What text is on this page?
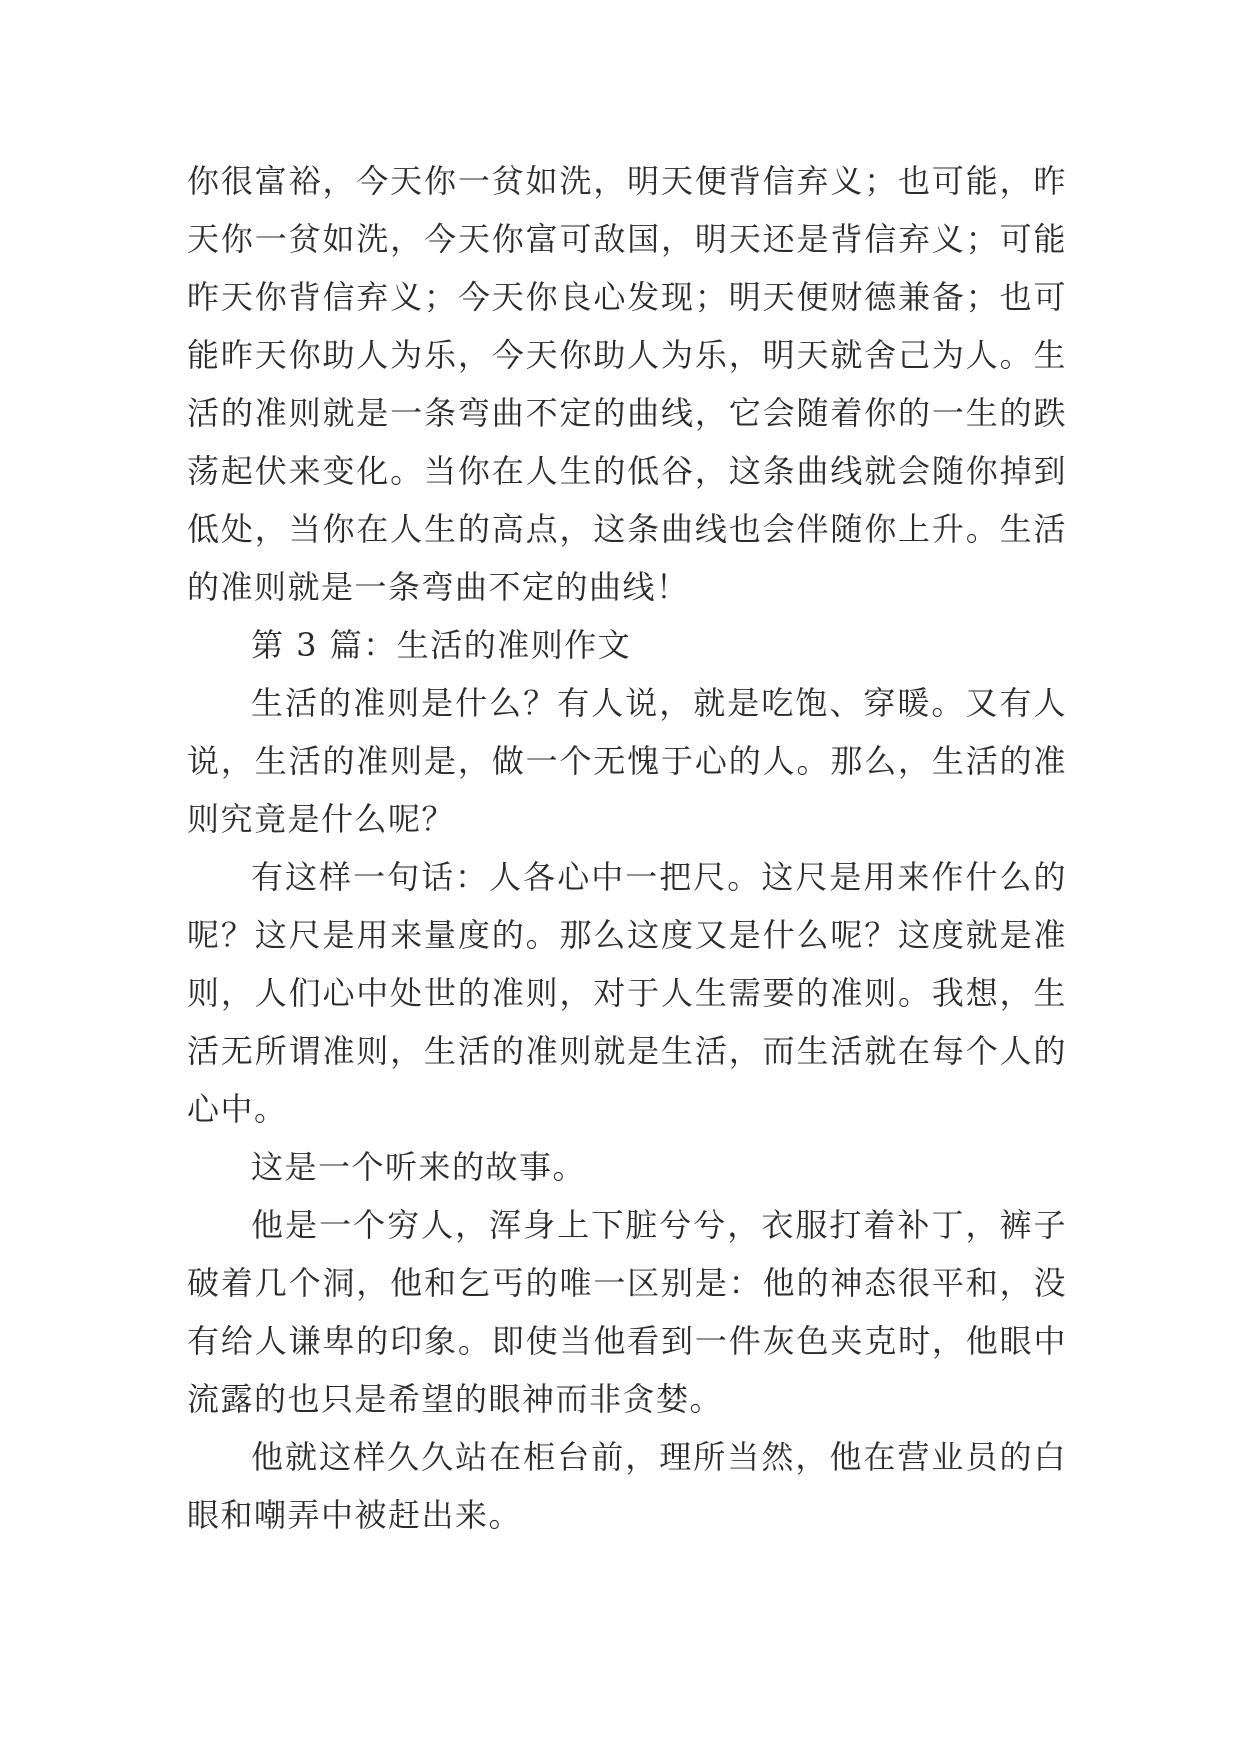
你很富裕，今天你一贫如洗，明天便背信弃义；也可能，昨天你一贫如洗，今天你富可敌国，明天还是背信弃义；可能昨天你背信弃义；今天你良心发现；明天便财德兼备；也可能昨天你助人为乐，今天你助人为乐，明天就舍己为人。生活的准则就是一条弯曲不定的曲线，它会随着你的一生的跌荡起伏来变化。当你在人生的低谷，这条曲线就会随你掉到低处，当你在人生的高点，这条曲线也会伴随你上升。生活的准则就是一条弯曲不定的曲线！

第 3 篇：生活的准则作文

生活的准则是什么？有人说，就是吃饱、穿暖。又有人说，生活的准则是，做一个无愧于心的人。那么，生活的准则究竟是什么呢？

有这样一句话：人各心中一把尺。这尺是用来作什么的呢？这尺是用来量度的。那么这度又是什么呢？这度就是准则，人们心中处世的准则，对于人生需要的准则。我想，生活无所谓准则，生活的准则就是生活，而生活就在每个人的心中。

这是一个听来的故事。

他是一个穷人，浑身上下脏兮兮，衣服打着补丁，裤子破着几个洞，他和乞丐的唯一区别是：他的神态很平和，没有给人谦卑的印象。即使当他看到一件灰色夹克时，他眼中流露的也只是希望的眼神而非贪婪。

他就这样久久站在柜台前，理所当然，他在营业员的白眼和嘲弄中被赶出来。
